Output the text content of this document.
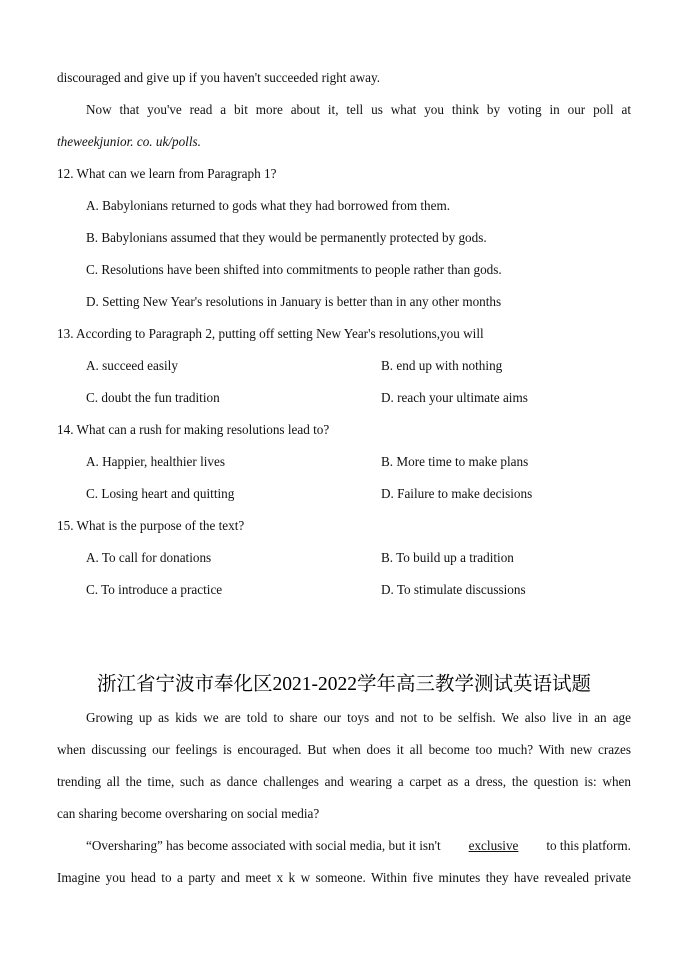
discouraged and give up if you haven't succeeded right away.
Now that you've read a bit more about it, tell us what you think by voting in our poll at
theweekjunior. co. uk/polls.
12. What can we learn from Paragraph 1?
A. Babylonians returned to gods what they had borrowed from them.
B. Babylonians assumed that they would be permanently protected by gods.
C. Resolutions have been shifted into commitments to people rather than gods.
D. Setting New Year's resolutions in January is better than in any other months
13. According to Paragraph 2, putting off setting New Year's resolutions,you will
A. succeed easily	B. end up with nothing
C. doubt the fun tradition	D. reach your ultimate aims
14. What can a rush for making resolutions lead to?
A. Happier, healthier lives	B. More time to make plans
C. Losing heart and quitting	D. Failure to make decisions
15. What is the purpose of the text?
A. To call for donations	B. To build up a tradition
C. To introduce a practice	D. To stimulate discussions
浙江省宁波市奉化区2021-2022学年高三教学测试英语试题
Growing up as kids we are told to share our toys and not to be selfish. We also live in an age
when discussing our feelings is encouraged. But when does it all become too much? With new crazes
trending all the time, such as dance challenges and wearing a carpet as a dress, the question is: when
can sharing become oversharing on social media?
“Oversharing” has become associated with social media, but it isn't exclusive to this platform.
Imagine you head to a party and meet x k w someone. Within five minutes they have revealed private
